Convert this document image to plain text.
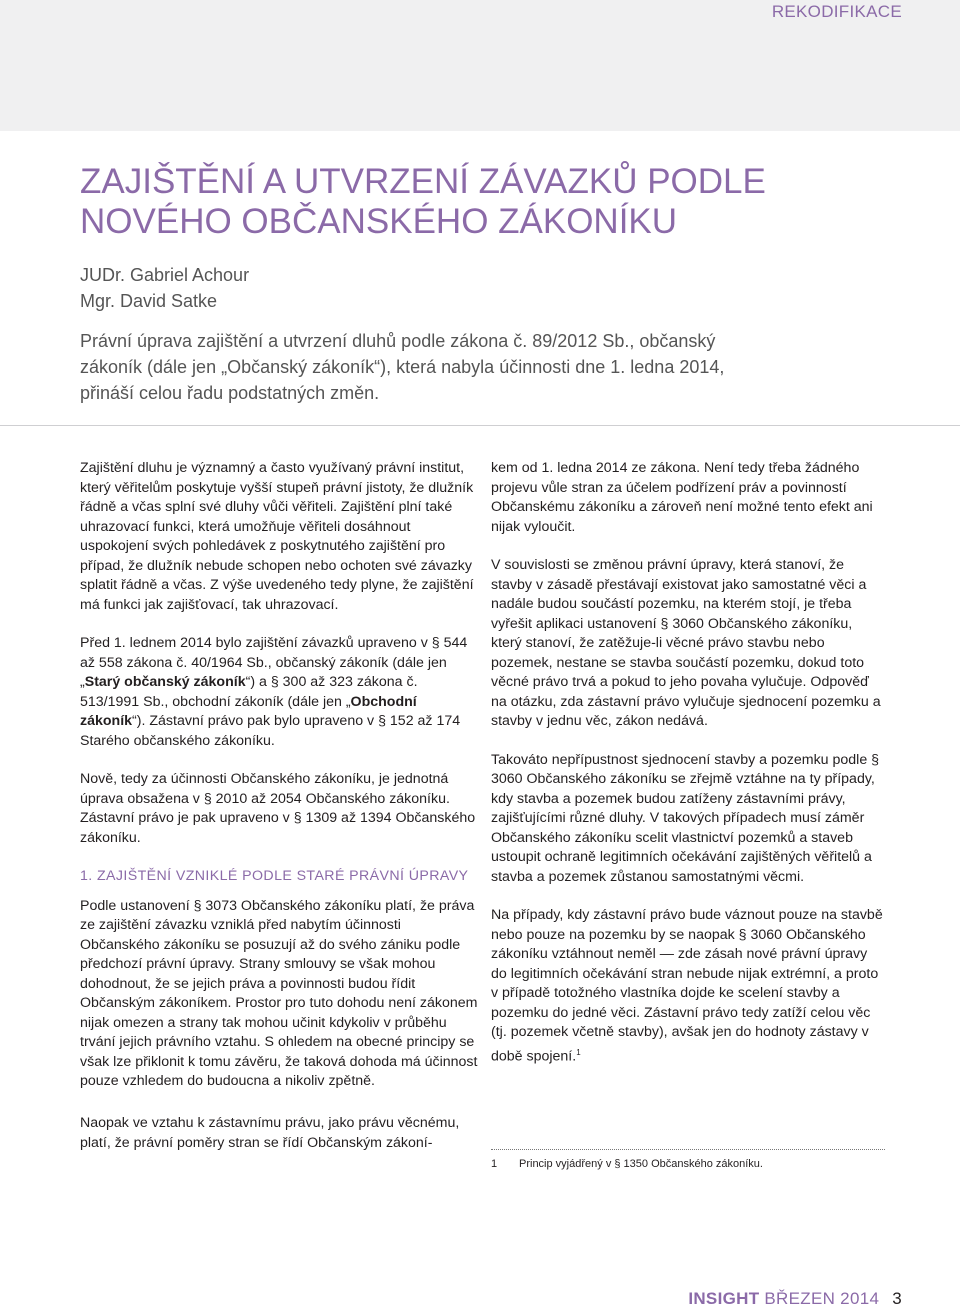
REKODIFIKACE
ZAJIŠTĚNÍ A UTVRZENÍ ZÁVAZKŮ PODLE NOVÉHO OBČANSKÉHO ZÁKONÍKU
JUDr. Gabriel Achour
Mgr. David Satke
Právní úprava zajištění a utvrzení dluhů podle zákona č. 89/2012 Sb., občanský zákoník (dále jen „Občanský zákoník“), která nabyla účinnosti dne 1. ledna 2014, přináší celou řadu podstatných změn.

Zajištění dluhu je významný a často využívaný právní institut, který věřitelům poskytuje vyšší stupeň právní jistoty, že dlužník řádně a včas splní své dluhy vůči věřiteli. Zajištění plní také uhrazovací funkci, která umožňuje věřiteli dosáhnout uspokojení svých pohledávek z poskytnutého zajištění pro případ, že dlužník nebude schopen nebo ochoten své závazky splatit řádně a včas. Z výše uvedeného tedy plyne, že zajištění má funkci jak zajišťovací, tak uhrazovací.

Před 1. lednem 2014 bylo zajištění závazků upraveno v § 544 až 558 zákona č. 40/1964 Sb., občanský zákoník (dále jen „Starý občanský zákoník“) a § 300 až 323 zákona č. 513/1991 Sb., obchodní zákoník (dále jen „Obchodní zákoník“). Zástavní právo pak bylo upraveno v § 152 až 174 Starého občanského zákoníku.

Nově, tedy za účinnosti Občanského zákoníku, je jednotná úprava obsažena v § 2010 až 2054 Občanského zákoníku. Zástavní právo je pak upraveno v § 1309 až 1394 Občanského zákoníku.

1. ZAJIŠTĚNÍ VZNIKLÉ PODLE STARÉ PRÁVNÍ ÚPRAVY

Podle ustanovení § 3073 Občanského zákoníku platí, že práva ze zajištění závazku vzniklá před nabytím účinnosti Občanského zákoníku se posuzují až do svého zániku podle předchozí právní úpravy. Strany smlouvy se však mohou dohodnout, že se jejich práva a povinnosti budou řídit Občanským zákoníkem. Prostor pro tuto dohodu není zákonem nijak omezen a strany tak mohou učinit kdykoliv v průběhu trvání jejich právního vztahu. S ohledem na obecné principy se však lze přiklonit k tomu závěru, že taková dohoda má účinnost pouze vzhledem do budoucna a nikoliv zpětně.

Naopak ve vztahu k zástavnímu právu, jako právu věcnému, platí, že právní poměry stran se řídí Občanským zákoní-

kem od 1. ledna 2014 ze zákona. Není tedy třeba žádného projevu vůle stran za účelem podřízení práv a povinností Občanskému zákoníku a zároveň není možné tento efekt ani nijak vyloučit.

V souvislosti se změnou právní úpravy, která stanoví, že stavby v zásadě přestávají existovat jako samostatné věci a nadále budou součástí pozemku, na kterém stojí, je třeba vyřešit aplikaci ustanovení § 3060 Občanského zákoníku, který stanoví, že zatěžuje-li věcné právo stavbu nebo pozemek, nestane se stavba součástí pozemku, dokud toto věcné právo trvá a pokud to jeho povaha vylučuje. Odpověď na otázku, zda zástavní právo vylučuje sjednocení pozemku a stavby v jednu věc, zákon nedává.

Takováto nepřípustnost sjednocení stavby a pozemku podle § 3060 Občanského zákoníku se zřejmě vztáhne na ty případy, kdy stavba a pozemek budou zatíženy zástavními právy, zajišťujícími různé dluhy. V takových případech musí záměr Občanského zákoníku scelit vlastnictví pozemků a staveb ustoupit ochraně legitimních očekávání zajištěných věřitelů a stavba a pozemek zůstanou samostatnými věcmi.

Na případy, kdy zástavní právo bude váznout pouze na stavbě nebo pouze na pozemku by se naopak § 3060 Občanského zákoníku vztáhnout neměl — zde zásah nové právní úpravy do legitimních očekávání stran nebude nijak extrémní, a proto v případě totožného vlastníka dojde ke scelení stavby a pozemku do jedné věci. Zástavní právo tedy zatíží celou věc (tj. pozemek včetně stavby), avšak jen do hodnoty zástavy v době spojení.$^1$

1 Princip vyjádřený v § 1350 Občanského zákoníku.
INSIGHT BŘEZEN 2014 3
